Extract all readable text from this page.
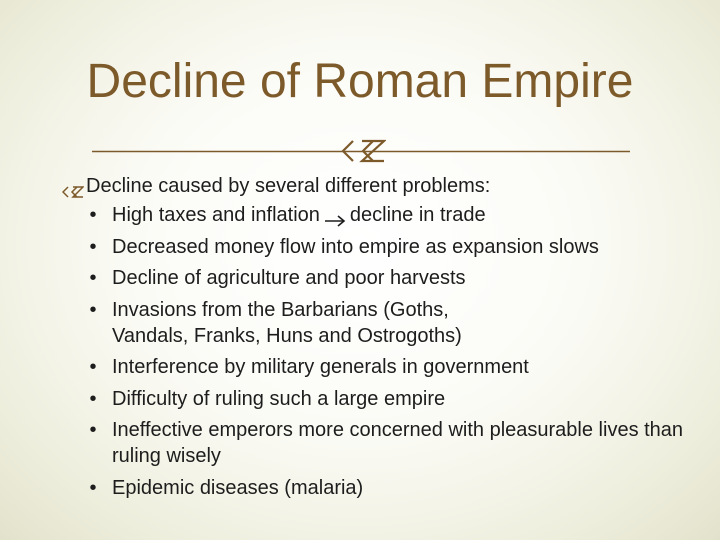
Decline of Roman Empire
Decline caused by several different problems:
• High taxes and inflation decline in trade
• Decreased money flow into empire as expansion slows
• Decline of agriculture and poor harvests
• Invasions from the Barbarians (Goths, Vandals, Franks, Huns and Ostrogoths)
• Interference by military generals in government
• Difficulty of ruling such a large empire
• Ineffective emperors more concerned with pleasurable lives than ruling wisely
• Epidemic diseases (malaria)
